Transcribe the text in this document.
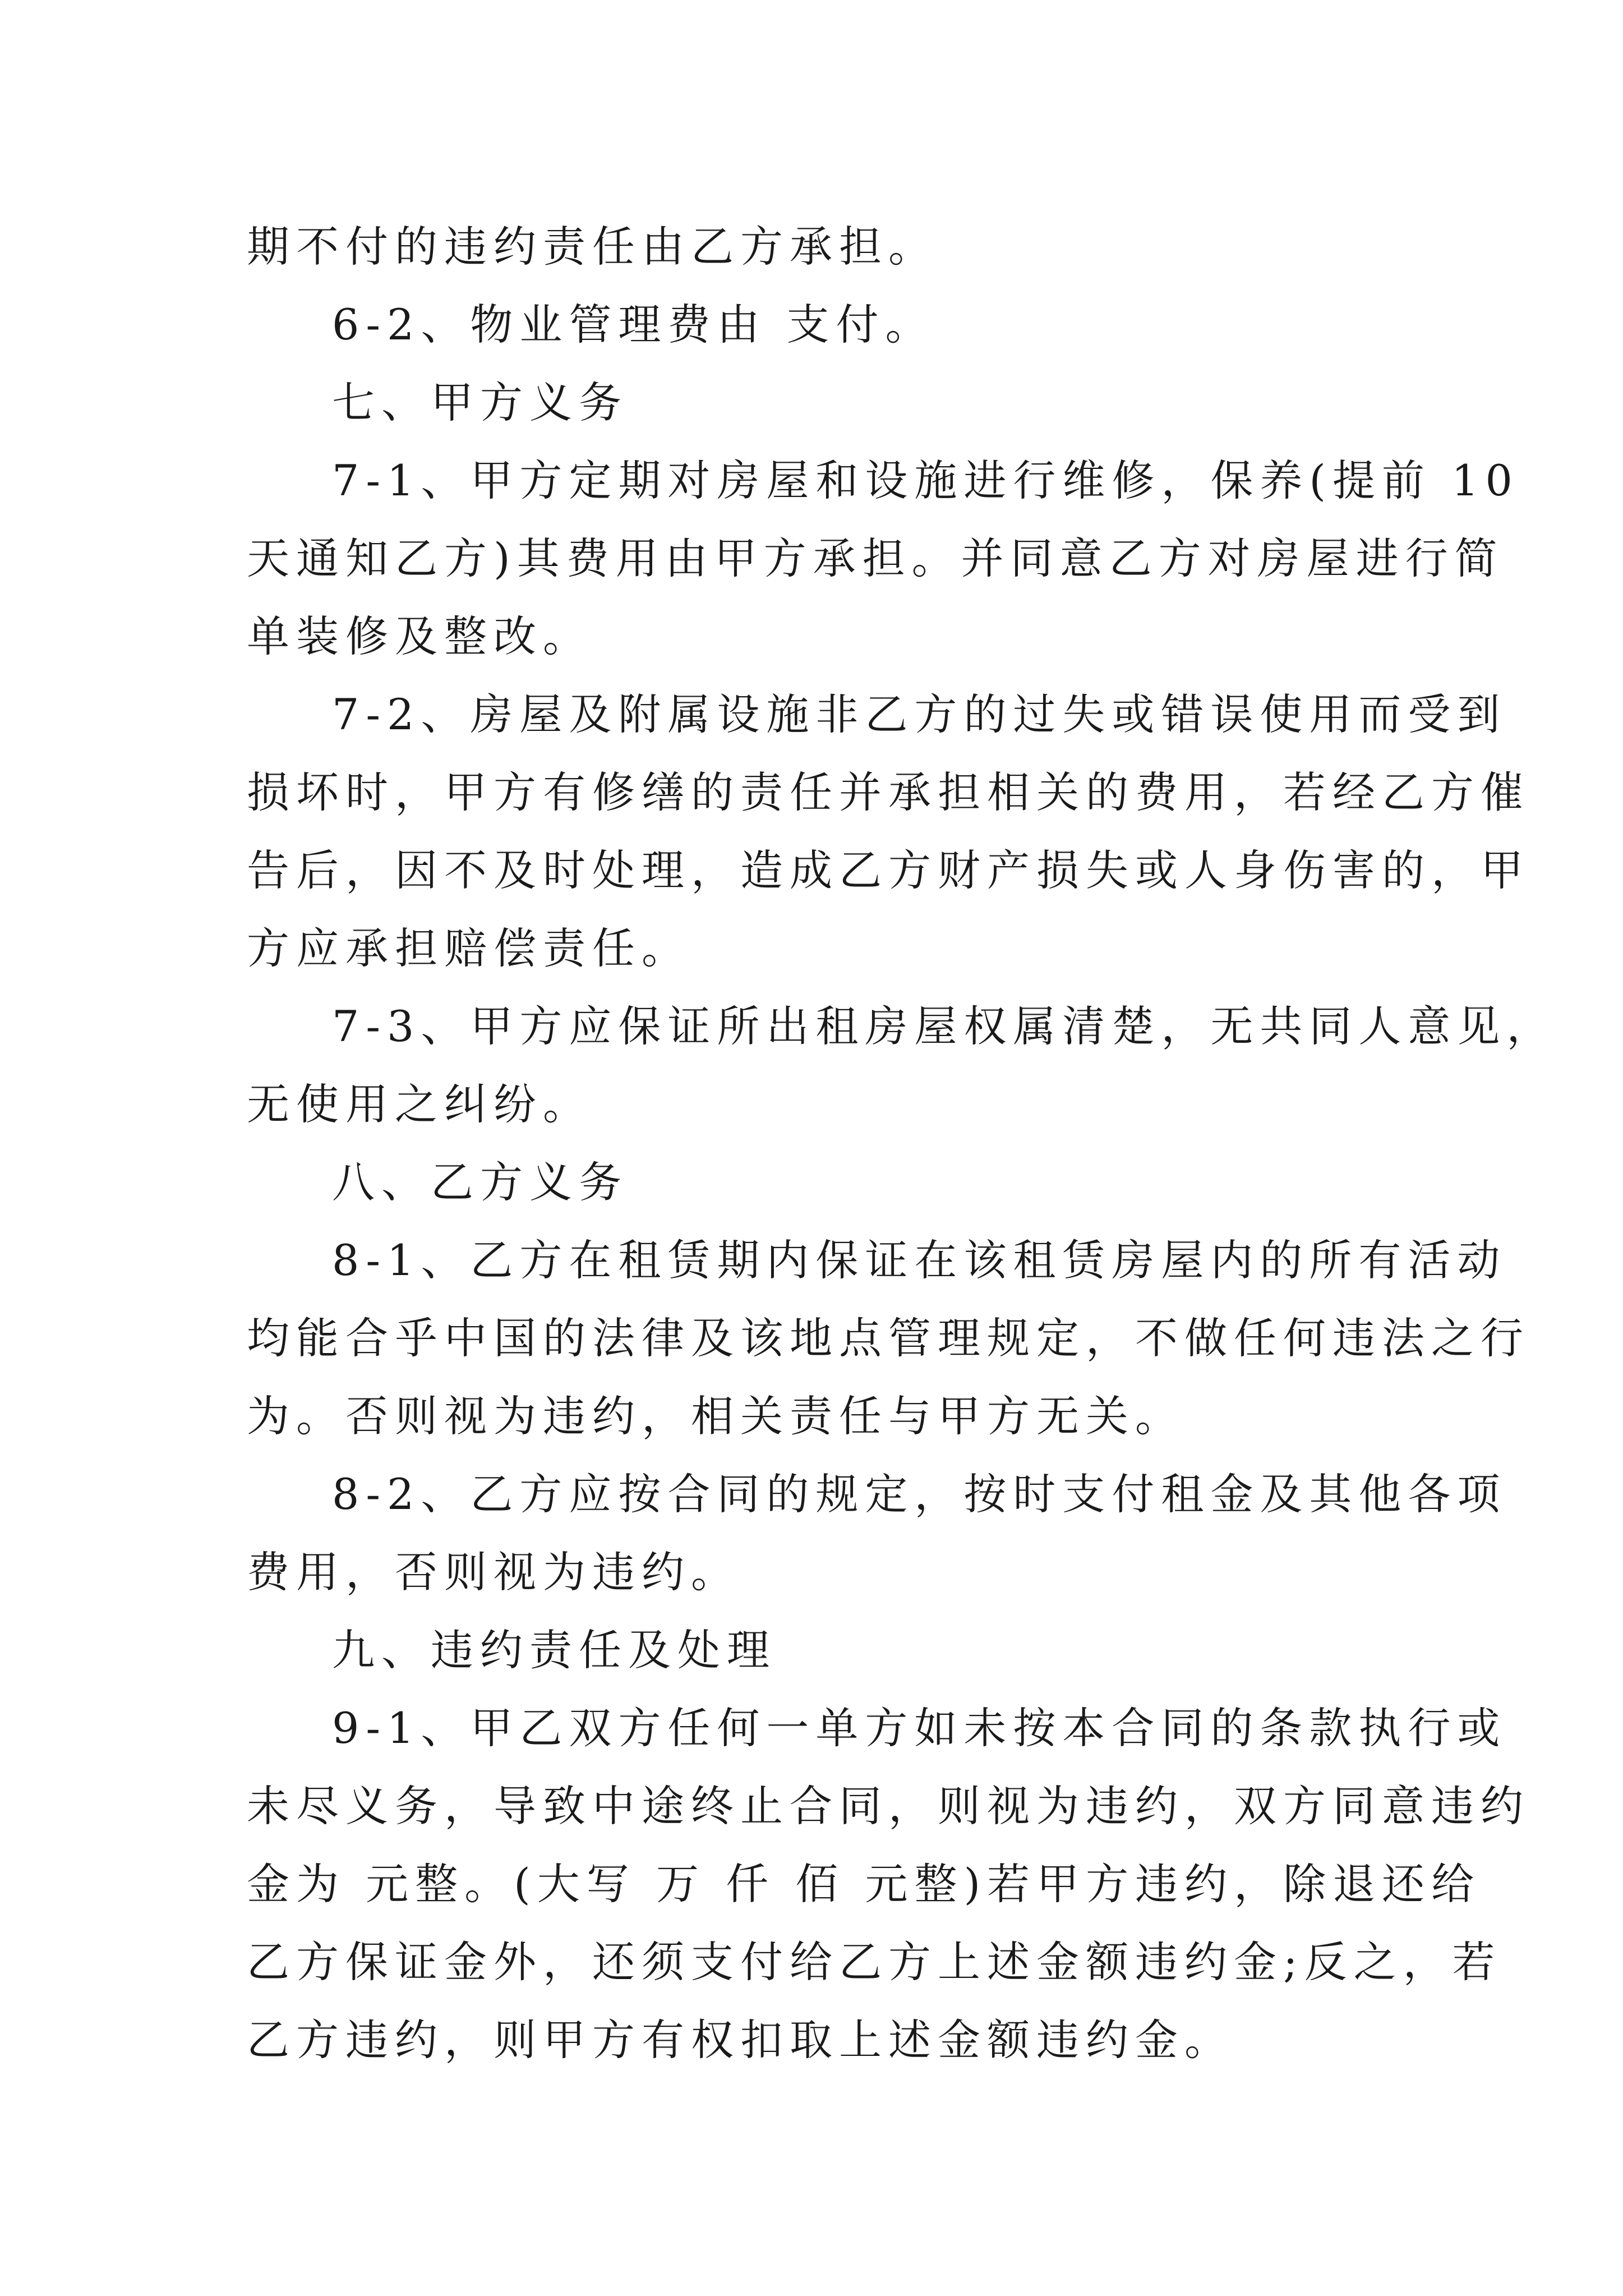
期不付的违约责任由乙方承担。
6-2、物业管理费由 支付。
七、甲方义务
7-1、甲方定期对房屋和设施进行维修，保养(提前 10
天通知乙方)其费用由甲方承担。并同意乙方对房屋进行简
单装修及整改。
7-2、房屋及附属设施非乙方的过失或错误使用而受到
损坏时，甲方有修缮的责任并承担相关的费用，若经乙方催
告后，因不及时处理，造成乙方财产损失或人身伤害的，甲
方应承担赔偿责任。
7-3、甲方应保证所出租房屋权属清楚，无共同人意见，
无使用之纠纷。
八、乙方义务
8-1、乙方在租赁期内保证在该租赁房屋内的所有活动
均能合乎中国的法律及该地点管理规定，不做任何违法之行
为。否则视为违约，相关责任与甲方无关。
8-2、乙方应按合同的规定，按时支付租金及其他各项
费用，否则视为违约。
九、违约责任及处理
9-1、甲乙双方任何一单方如未按本合同的条款执行或
未尽义务，导致中途终止合同，则视为违约，双方同意违约
金为 元整。(大写 万 仟 佰 元整)若甲方违约，除退还给
乙方保证金外，还须支付给乙方上述金额违约金;反之，若
乙方违约，则甲方有权扣取上述金额违约金。
